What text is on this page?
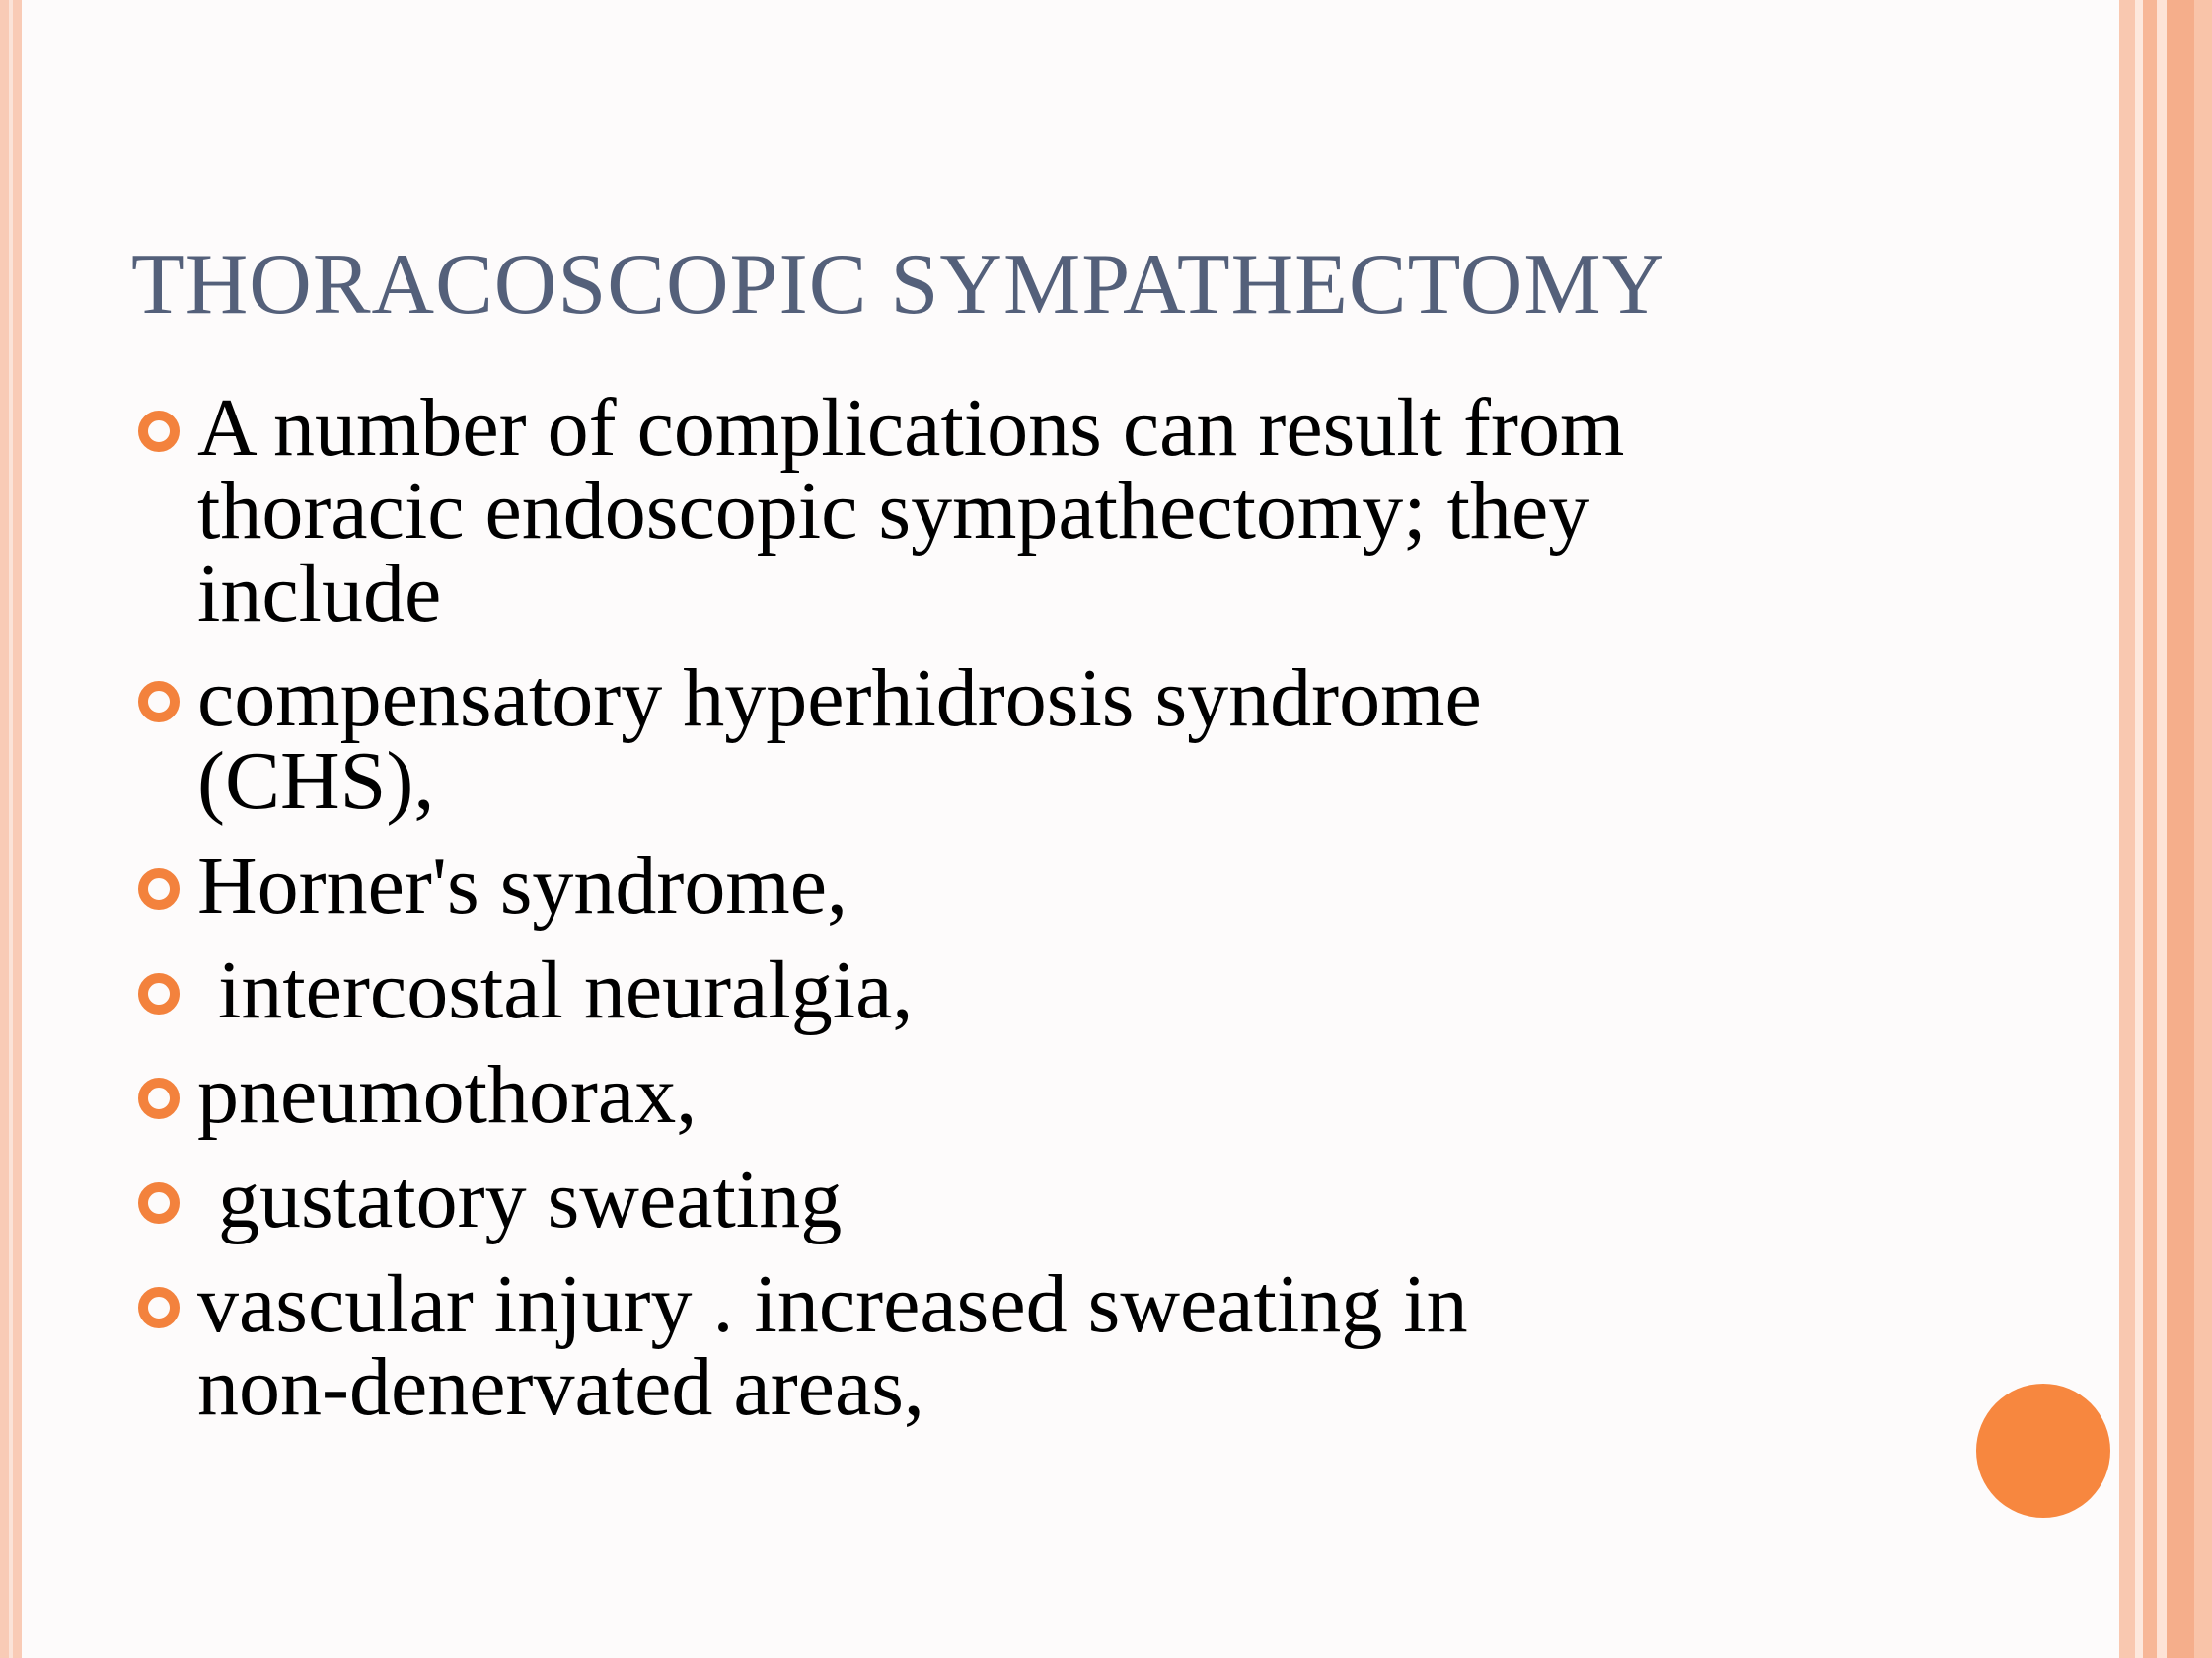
THORACOSCOPIC SYMPATHECTOMY
A number of complications can result from
thoracic endoscopic sympathectomy; they
include
compensatory hyperhidrosis syndrome
(CHS),
Horner's syndrome,
intercostal neuralgia,
pneumothorax,
gustatory sweating
vascular injury . increased sweating in
non-denervated areas,
